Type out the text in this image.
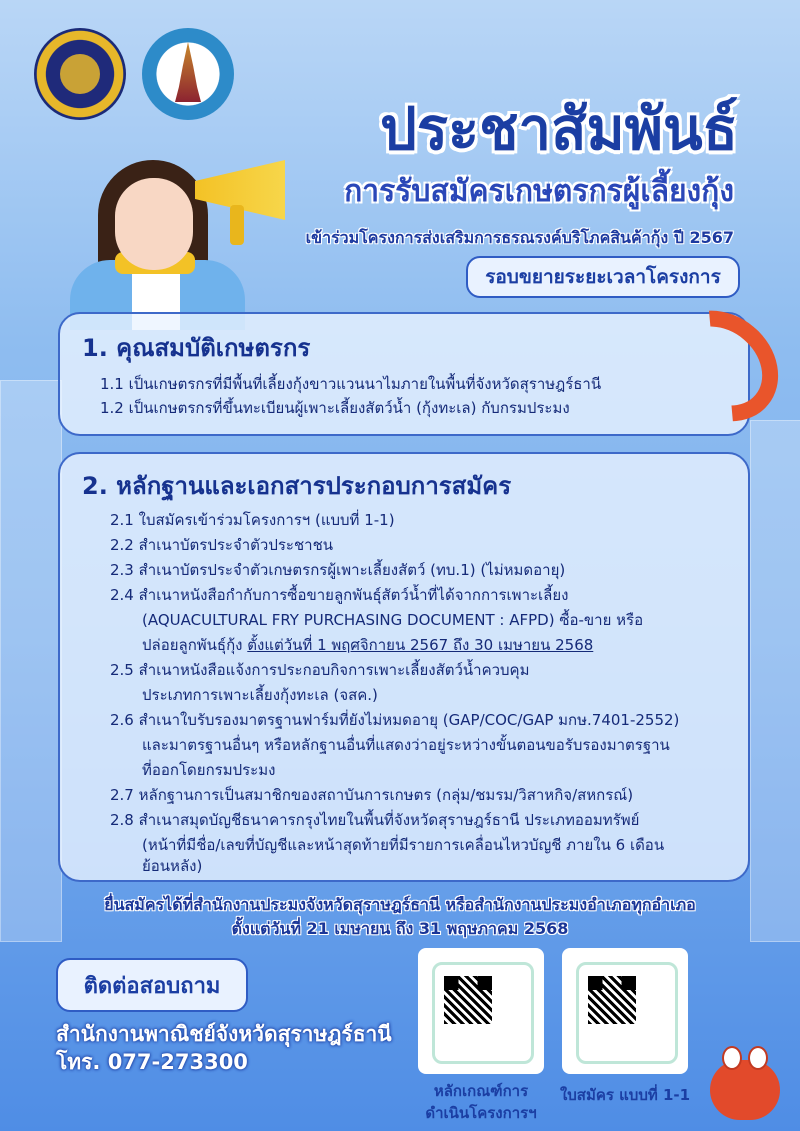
ประชาสัมพันธ์
การรับสมัครเกษตรกรผู้เลี้ยงกุ้ง
เข้าร่วมโครงการส่งเสริมการธรณรงค์บริโภคสินค้ากุ้ง ปี 2567
รอบขยายระยะเวลาโครงการ
1. คุณสมบัติเกษตรกร
1.1 เป็นเกษตรกรที่มีพื้นที่เลี้ยงกุ้งขาวแวนนาไมภายในพื้นที่จังหวัดสุราษฎร์ธานี
1.2 เป็นเกษตรกรที่ขึ้นทะเบียนผู้เพาะเลี้ยงสัตว์น้ำ (กุ้งทะเล) กับกรมประมง
2. หลักฐานและเอกสารประกอบการสมัคร
2.1 ใบสมัครเข้าร่วมโครงการฯ (แบบที่ 1-1)
2.2 สำเนาบัตรประจำตัวประชาชน
2.3 สำเนาบัตรประจำตัวเกษตรกรผู้เพาะเลี้ยงสัตว์ (ทบ.1) (ไม่หมดอายุ)
2.4 สำเนาหนังสือกำกับการซื้อขายลูกพันธุ์สัตว์น้ำที่ได้จากการเพาะเลี้ยง
(AQUACULTURAL FRY PURCHASING DOCUMENT : AFPD) ซื้อ-ขาย หรือ
ปล่อยลูกพันธุ์กุ้ง ตั้งแต่วันที่ 1 พฤศจิกายน 2567 ถึง 30 เมษายน 2568
2.5 สำเนาหนังสือแจ้งการประกอบกิจการเพาะเลี้ยงสัตว์น้ำควบคุม
ประเภทการเพาะเลี้ยงกุ้งทะเล (จสค.)
2.6 สำเนาใบรับรองมาตรฐานฟาร์มที่ยังไม่หมดอายุ (GAP/COC/GAP มกษ.7401-2552)
และมาตรฐานอื่นๆ หรือหลักฐานอื่นที่แสดงว่าอยู่ระหว่างขั้นตอนขอรับรองมาตรฐาน
ที่ออกโดยกรมประมง
2.7 หลักฐานการเป็นสมาชิกของสถาบันการเกษตร (กลุ่ม/ชมรม/วิสาหกิจ/สหกรณ์)
2.8 สำเนาสมุดบัญชีธนาคารกรุงไทยในพื้นที่จังหวัดสุราษฎร์ธานี ประเภทออมทรัพย์
(หน้าที่มีชื่อ/เลขที่บัญชีและหน้าสุดท้ายที่มีรายการเคลื่อนไหวบัญชี ภายใน 6 เดือน
ย้อนหลัง)
ยื่นสมัครได้ที่สำนักงานประมงจังหวัดสุราษฎร์ธานี หรือสำนักงานประมงอำเภอทุกอำเภอ
ตั้งแต่วันที่ 21 เมษายน ถึง 31 พฤษภาคม 2568
ติดต่อสอบถาม
สำนักงานพาณิชย์จังหวัดสุราษฎร์ธานี
โทร. 077-273300
หลักเกณฑ์การ
ดำเนินโครงการฯ
ใบสมัคร แบบที่ 1-1
